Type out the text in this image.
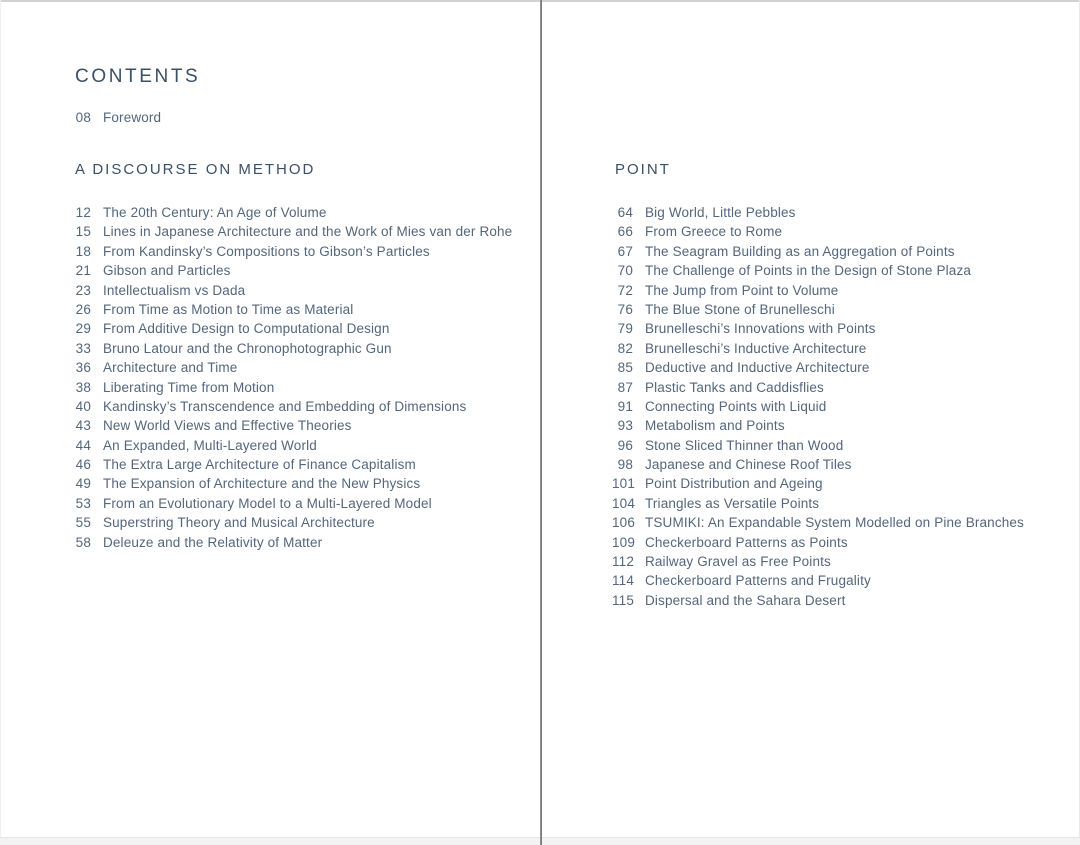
CONTENTS
08 Foreword
A DISCOURSE ON METHOD
12 The 20th Century: An Age of Volume
15 Lines in Japanese Architecture and the Work of Mies van der Rohe
18 From Kandinsky’s Compositions to Gibson’s Particles
21 Gibson and Particles
23 Intellectualism vs Dada
26 From Time as Motion to Time as Material
29 From Additive Design to Computational Design
33 Bruno Latour and the Chronophotographic Gun
36 Architecture and Time
38 Liberating Time from Motion
40 Kandinsky’s Transcendence and Embedding of Dimensions
43 New World Views and Effective Theories
44 An Expanded, Multi-Layered World
46 The Extra Large Architecture of Finance Capitalism
49 The Expansion of Architecture and the New Physics
53 From an Evolutionary Model to a Multi-Layered Model
55 Superstring Theory and Musical Architecture
58 Deleuze and the Relativity of Matter
POINT
64 Big World, Little Pebbles
66 From Greece to Rome
67 The Seagram Building as an Aggregation of Points
70 The Challenge of Points in the Design of Stone Plaza
72 The Jump from Point to Volume
76 The Blue Stone of Brunelleschi
79 Brunelleschi’s Innovations with Points
82 Brunelleschi’s Inductive Architecture
85 Deductive and Inductive Architecture
87 Plastic Tanks and Caddisflies
91 Connecting Points with Liquid
93 Metabolism and Points
96 Stone Sliced Thinner than Wood
98 Japanese and Chinese Roof Tiles
101 Point Distribution and Ageing
104 Triangles as Versatile Points
106 TSUMIKI: An Expandable System Modelled on Pine Branches
109 Checkerboard Patterns as Points
112 Railway Gravel as Free Points
114 Checkerboard Patterns and Frugality
115 Dispersal and the Sahara Desert
